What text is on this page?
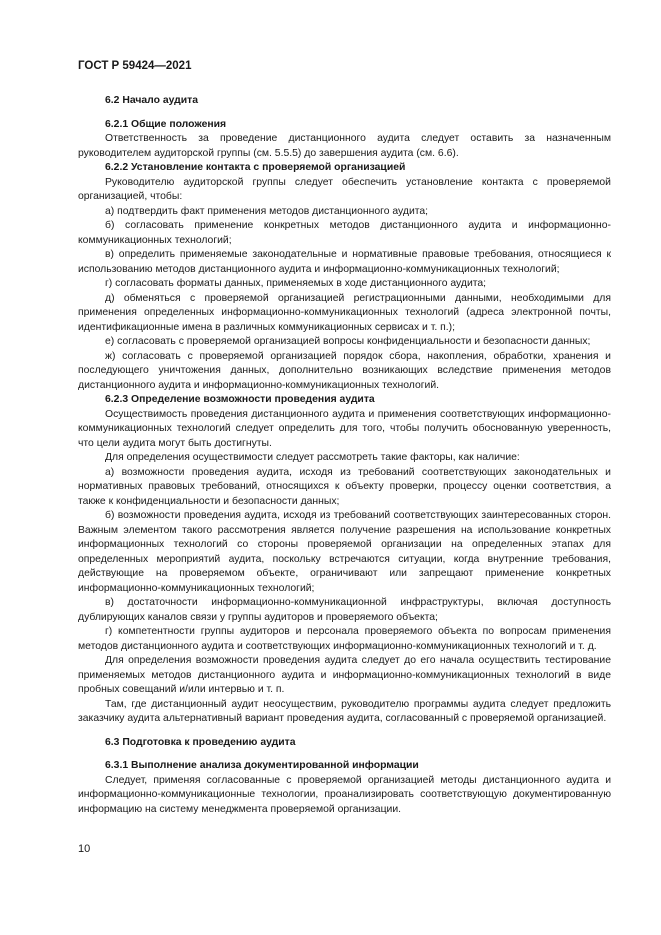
ГОСТ Р 59424—2021
6.2 Начало аудита

6.2.1 Общие положения

Ответственность за проведение дистанционного аудита следует оставить за назначенным руководителем аудиторской группы (см. 5.5.5) до завершения аудита (см. 6.6).

6.2.2 Установление контакта с проверяемой организацией

Руководителю аудиторской группы следует обеспечить установление контакта с проверяемой организацией, чтобы:

а) подтвердить факт применения методов дистанционного аудита;

б) согласовать применение конкретных методов дистанционного аудита и информационно-коммуникационных технологий;

в) определить применяемые законодательные и нормативные правовые требования, относящиеся к использованию методов дистанционного аудита и информационно-коммуникационных технологий;

г) согласовать форматы данных, применяемых в ходе дистанционного аудита;

д) обменяться с проверяемой организацией регистрационными данными, необходимыми для применения определенных информационно-коммуникационных технологий (адреса электронной почты, идентификационные имена в различных коммуникационных сервисах и т. п.);

е) согласовать с проверяемой организацией вопросы конфиденциальности и безопасности данных;

ж) согласовать с проверяемой организацией порядок сбора, накопления, обработки, хранения и последующего уничтожения данных, дополнительно возникающих вследствие применения методов дистанционного аудита и информационно-коммуникационных технологий.

6.2.3 Определение возможности проведения аудита

Осуществимость проведения дистанционного аудита и применения соответствующих информационно-коммуникационных технологий следует определить для того, чтобы получить обоснованную уверенность, что цели аудита могут быть достигнуты.

Для определения осуществимости следует рассмотреть такие факторы, как наличие:

а) возможности проведения аудита, исходя из требований соответствующих законодательных и нормативных правовых требований, относящихся к объекту проверки, процессу оценки соответствия, а также к конфиденциальности и безопасности данных;

б) возможности проведения аудита, исходя из требований соответствующих заинтересованных сторон. Важным элементом такого рассмотрения является получение разрешения на использование конкретных информационных технологий со стороны проверяемой организации на определенных этапах для определенных мероприятий аудита, поскольку встречаются ситуации, когда внутренние требования, действующие на проверяемом объекте, ограничивают или запрещают применение конкретных информационно-коммуникационных технологий;

в) достаточности информационно-коммуникационной инфраструктуры, включая доступность дублирующих каналов связи у группы аудиторов и проверяемого объекта;

г) компетентности группы аудиторов и персонала проверяемого объекта по вопросам применения методов дистанционного аудита и соответствующих информационно-коммуникационных технологий и т. д.

Для определения возможности проведения аудита следует до его начала осуществить тестирование применяемых методов дистанционного аудита и информационно-коммуникационных технологий в виде пробных совещаний и/или интервью и т. п.

Там, где дистанционный аудит неосуществим, руководителю программы аудита следует предложить заказчику аудита альтернативный вариант проведения аудита, согласованный с проверяемой организацией.

6.3 Подготовка к проведению аудита

6.3.1 Выполнение анализа документированной информации

Следует, применяя согласованные с проверяемой организацией методы дистанционного аудита и информационно-коммуникационные технологии, проанализировать соответствующую документированную информацию на систему менеджмента проверяемой организации.

10
